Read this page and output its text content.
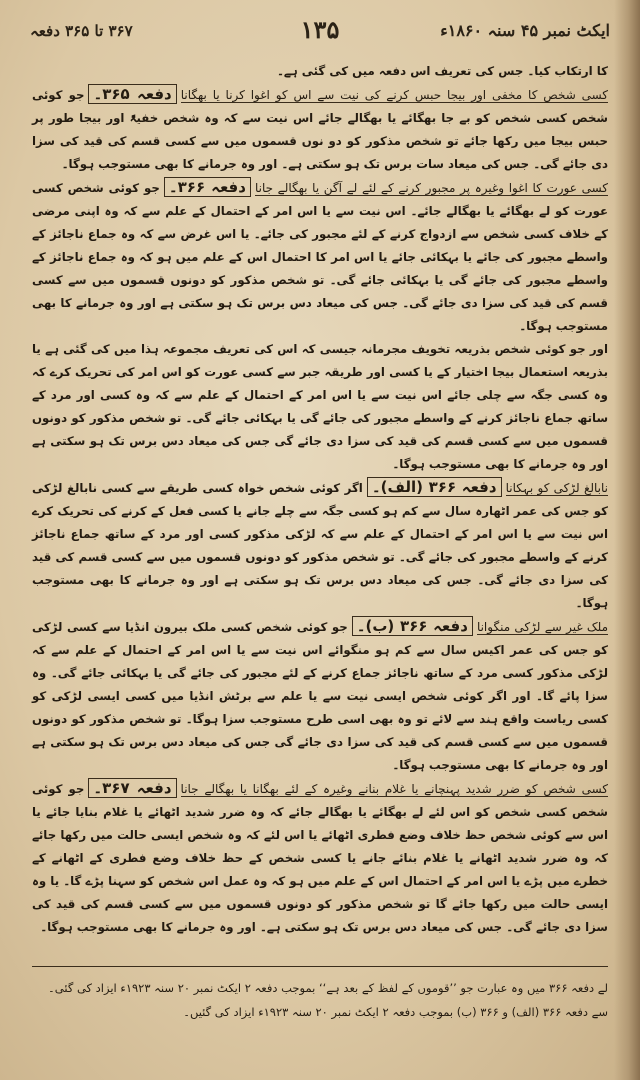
۳۶۷ تا ۳۶۵ دفعہ	۱۳۵	ایکٹ نمبر ۴۵ سنہ ۱۸۶۰ء

کا ارتکاب کیا۔ جس کی تعریف اس دفعہ میں کی گئی ہے۔

کسی شخص کا مخفی اور بیجا حبس کرنے کی نیت سے اس کو اغوا کرنا یا بھگانادفعہ ۳۶۵۔جو کوئی شخص کسی شخص کو بے جا بھگائے یا بھگالے جائے اس نیت سے کہ وہ شخص خفیۃً اور بیجا طور پر حبس بیجا میں رکھا جائے تو شخص مذکور کو دو نوں قسموں میں سے کسی قسم کی قید کی سزا دی جائے گی۔ جس کی میعاد سات برس تک ہو سکتی ہے۔ اور وہ جرمانے کا بھی مستوجب ہوگا۔

کسی عورت کا اغوا وغیرہ پر مجبور کرنے کے لئے لے آگن یا بھگالے جانادفعہ ۳۶۶۔جو کوئی شخص کسی عورت کو لے بھگائے یا بھگالے جائے۔ اس نیت سے یا اس امر کے احتمال کے علم سے کہ وہ اپنی مرضی کے خلاف کسی شخص سے ازدواج کرنے کے لئے مجبور کی جائے۔ یا اس غرض سے کہ وہ جماع ناجائز کے واسطے مجبور کی جائے یا بہکائی جائے یا اس امر کا احتمال اس کے علم میں ہو کہ وہ جماع ناجائز کے واسطے مجبور کی جائے گی یا بہکائی جائے گی۔ تو شخص مذکور کو دونوں قسموں میں سے کسی قسم کی قید کی سزا دی جائے گی۔ جس کی میعاد دس برس تک ہو سکتی ہے اور وہ جرمانے کا بھی مستوجب ہوگا۔

اور جو کوئی شخص بذریعہ تخویف مجرمانہ جیسی کہ اس کی تعریف مجموعہ ہذا میں کی گئی ہے یا بذریعہ استعمال بیجا اختیار کے یا کسی اور طریقہ جبر سے کسی عورت کو اس امر کی تحریک کرے کہ وہ کسی جگہ سے چلی جائے اس نیت سے یا اس امر کے احتمال کے علم سے کہ وہ کسی اور مرد کے ساتھ جماع ناجائز کرنے کے واسطے مجبور کی جائے گی یا بہکائی جائے گی۔ تو شخص مذکور کو دونوں قسموں میں سے کسی قسم کی قید کی سزا دی جائے گی جس کی میعاد دس برس تک ہو سکتی ہے اور وہ جرمانے کا بھی مستوجب ہوگا۔

نابالغ لڑکی کو بہکانادفعہ ۳۶۶ (الف)۔اگر کوئی شخص خواہ کسی طریقے سے کسی نابالغ لڑکی کو جس کی عمر اٹھارہ سال سے کم ہو کسی جگہ سے چلے جانے یا کسی فعل کے کرنے کی تحریک کرے اس نیت سے یا اس امر کے احتمال کے علم سے کہ لڑکی مذکور کسی اور مرد کے ساتھ جماع ناجائز کرنے کے واسطے مجبور کی جائے گی۔ تو شخص مذکور کو دونوں قسموں میں سے کسی قسم کی قید کی سزا دی جائے گی۔ جس کی میعاد دس برس تک ہو سکتی ہے اور وہ جرمانے کا بھی مستوجب ہوگا۔

ملک غیر سے لڑکی منگوانادفعہ ۳۶۶ (ب)۔جو کوئی شخص کسی ملک بیرون انڈیا سے کسی لڑکی کو جس کی عمر اکیس سال سے کم ہو منگوائے اس نیت سے یا اس امر کے احتمال کے علم سے کہ لڑکی مذکور کسی مرد کے ساتھ ناجائز جماع کرنے کے لئے مجبور کی جائے گی یا بہکائی جائے گی۔ وہ سزا پائے گا۔ اور اگر کوئی شخص ایسی نیت سے یا علم سے برٹش انڈیا میں کسی ایسی لڑکی کو کسی ریاست واقع ہند سے لائے تو وہ بھی اسی طرح مستوجب سزا ہوگا۔ تو شخص مذکور کو دونوں قسموں میں سے کسی قسم کی قید کی سزا دی جائے گی جس کی میعاد دس برس تک ہو سکتی ہے اور وہ جرمانے کا بھی مستوجب ہوگا۔

کسی شخص کو ضرر شدید پہنچانے یا غلام بنانے وغیرہ کے لئے بھگانا یا بھگالے جانادفعہ ۳۶۷۔جو کوئی شخص کسی شخص کو اس لئے لے بھگائے یا بھگالے جائے کہ وہ ضرر شدید اٹھائے یا غلام بنایا جائے یا اس سے کوئی شخص حظ خلاف وضع فطری اٹھائے یا اس لئے کہ وہ شخص ایسی حالت میں رکھا جائے کہ وہ ضرر شدید اٹھانے یا غلام بنائے جانے یا کسی شخص کے حظ خلاف وضع فطری کے اٹھانے کے خطرے میں پڑے یا اس امر کے احتمال اس کے علم میں ہو کہ وہ عمل اس شخص کو سہنا پڑے گا۔ یا وہ ایسی حالت میں رکھا جائے گا تو شخص مذکور کو دونوں قسموں میں سے کسی قسم کی قید کی سزا دی جائے گی۔ جس کی میعاد دس برس تک ہو سکتی ہے۔ اور وہ جرمانے کا بھی مستوجب ہوگا۔

لے دفعہ ۳۶۶ میں وہ عبارت جو ’’قوموں کے لفظ کے بعد ہے‘‘ بموجب دفعہ ۲ ایکٹ نمبر ۲۰ سنہ ۱۹۲۳ء ایزاد کی گئی۔

سے دفعہ ۳۶۶ (الف) و ۳۶۶ (ب) بموجب دفعہ ۲ ایکٹ نمبر ۲۰ سنہ ۱۹۲۳ء ایزاد کی گئیں۔
